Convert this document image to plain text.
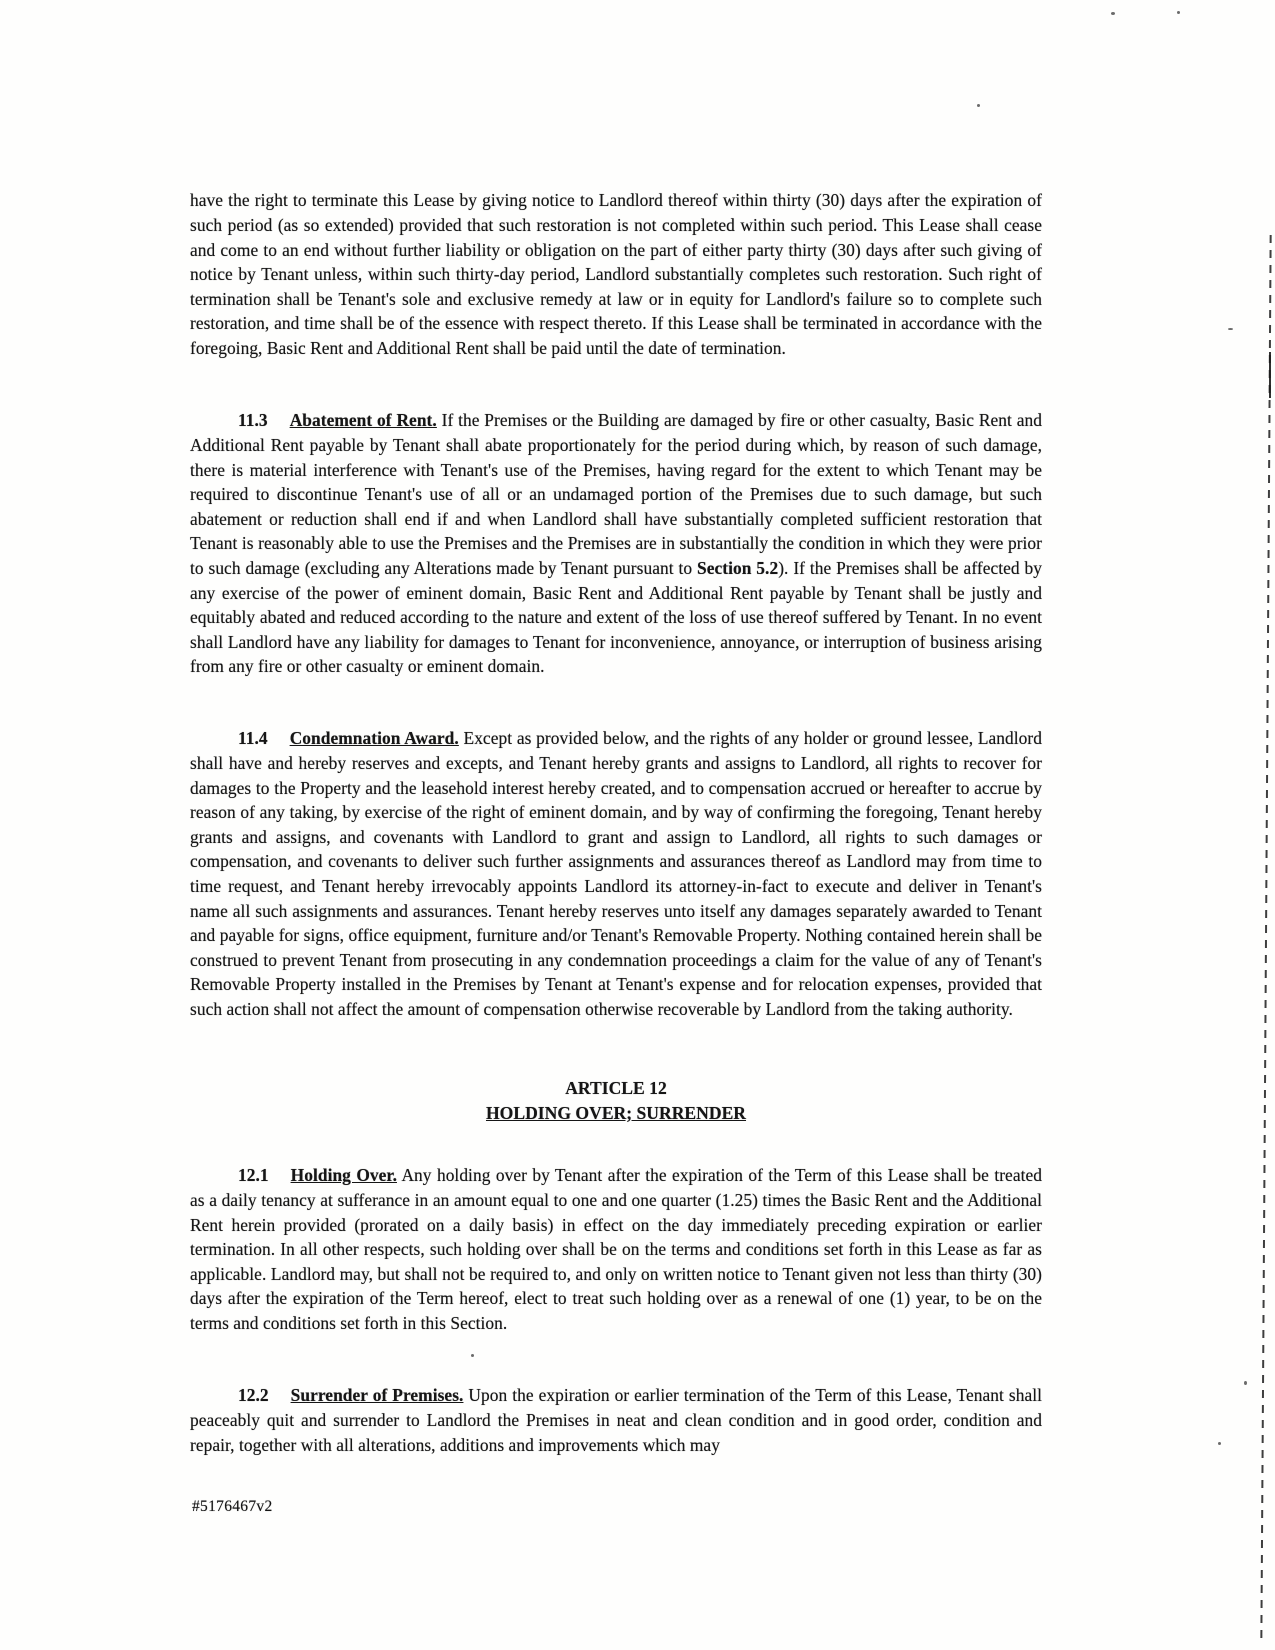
have the right to terminate this Lease by giving notice to Landlord thereof within thirty (30) days after the expiration of such period (as so extended) provided that such restoration is not completed within such period. This Lease shall cease and come to an end without further liability or obligation on the part of either party thirty (30) days after such giving of notice by Tenant unless, within such thirty-day period, Landlord substantially completes such restoration. Such right of termination shall be Tenant's sole and exclusive remedy at law or in equity for Landlord's failure so to complete such restoration, and time shall be of the essence with respect thereto. If this Lease shall be terminated in accordance with the foregoing, Basic Rent and Additional Rent shall be paid until the date of termination.

11.3 Abatement of Rent. If the Premises or the Building are damaged by fire or other casualty, Basic Rent and Additional Rent payable by Tenant shall abate proportionately for the period during which, by reason of such damage, there is material interference with Tenant's use of the Premises, having regard for the extent to which Tenant may be required to discontinue Tenant's use of all or an undamaged portion of the Premises due to such damage, but such abatement or reduction shall end if and when Landlord shall have substantially completed sufficient restoration that Tenant is reasonably able to use the Premises and the Premises are in substantially the condition in which they were prior to such damage (excluding any Alterations made by Tenant pursuant to Section 5.2). If the Premises shall be affected by any exercise of the power of eminent domain, Basic Rent and Additional Rent payable by Tenant shall be justly and equitably abated and reduced according to the nature and extent of the loss of use thereof suffered by Tenant. In no event shall Landlord have any liability for damages to Tenant for inconvenience, annoyance, or interruption of business arising from any fire or other casualty or eminent domain.

11.4 Condemnation Award. Except as provided below, and the rights of any holder or ground lessee, Landlord shall have and hereby reserves and excepts, and Tenant hereby grants and assigns to Landlord, all rights to recover for damages to the Property and the leasehold interest hereby created, and to compensation accrued or hereafter to accrue by reason of any taking, by exercise of the right of eminent domain, and by way of confirming the foregoing, Tenant hereby grants and assigns, and covenants with Landlord to grant and assign to Landlord, all rights to such damages or compensation, and covenants to deliver such further assignments and assurances thereof as Landlord may from time to time request, and Tenant hereby irrevocably appoints Landlord its attorney-in-fact to execute and deliver in Tenant's name all such assignments and assurances. Tenant hereby reserves unto itself any damages separately awarded to Tenant and payable for signs, office equipment, furniture and/or Tenant's Removable Property. Nothing contained herein shall be construed to prevent Tenant from prosecuting in any condemnation proceedings a claim for the value of any of Tenant's Removable Property installed in the Premises by Tenant at Tenant's expense and for relocation expenses, provided that such action shall not affect the amount of compensation otherwise recoverable by Landlord from the taking authority.

ARTICLE 12
HOLDING OVER; SURRENDER

12.1 Holding Over. Any holding over by Tenant after the expiration of the Term of this Lease shall be treated as a daily tenancy at sufferance in an amount equal to one and one quarter (1.25) times the Basic Rent and the Additional Rent herein provided (prorated on a daily basis) in effect on the day immediately preceding expiration or earlier termination. In all other respects, such holding over shall be on the terms and conditions set forth in this Lease as far as applicable. Landlord may, but shall not be required to, and only on written notice to Tenant given not less than thirty (30) days after the expiration of the Term hereof, elect to treat such holding over as a renewal of one (1) year, to be on the terms and conditions set forth in this Section.

12.2 Surrender of Premises. Upon the expiration or earlier termination of the Term of this Lease, Tenant shall peaceably quit and surrender to Landlord the Premises in neat and clean condition and in good order, condition and repair, together with all alterations, additions and improvements which may

#5176467v2
